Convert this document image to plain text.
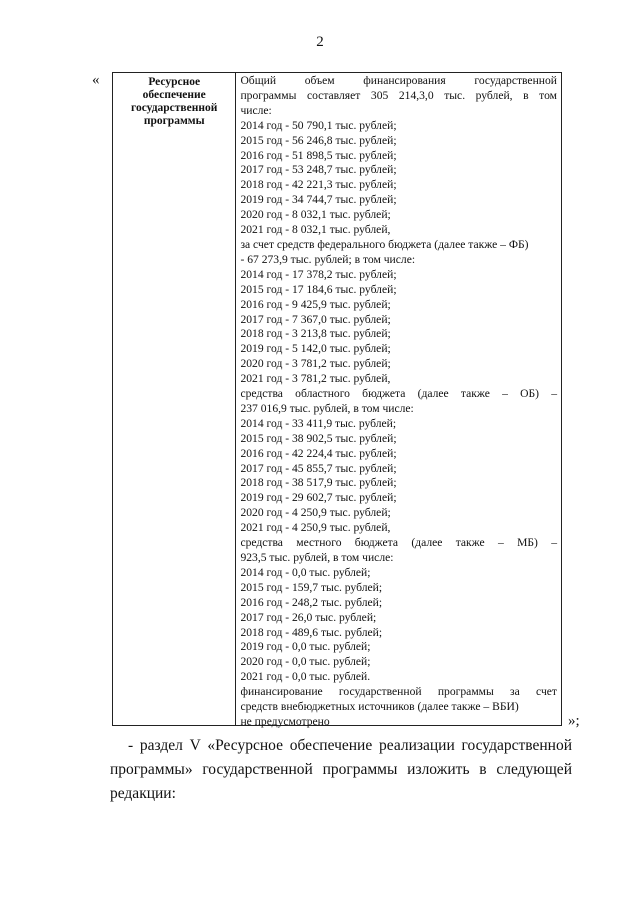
2
«	Ресурсное
обеспечение
государственной
программы
Общий объем финансирования государственной
программы составляет 305 214,3,0 тыс. рублей, в том
числе:
2014 год - 50 790,1 тыс. рублей;
2015 год - 56 246,8 тыс. рублей;
2016 год - 51 898,5 тыс. рублей;
2017 год - 53 248,7 тыс. рублей;
2018 год - 42 221,3 тыс. рублей;
2019 год - 34 744,7 тыс. рублей;
2020 год - 8 032,1 тыс. рублей;
2021 год - 8 032,1 тыс. рублей,
за счет средств федерального бюджета (далее также – ФБ)
- 67 273,9 тыс. рублей; в том числе:
2014 год - 17 378,2 тыс. рублей;
2015 год - 17 184,6 тыс. рублей;
2016 год - 9 425,9 тыс. рублей;
2017 год - 7 367,0 тыс. рублей;
2018 год - 3 213,8 тыс. рублей;
2019 год - 5 142,0 тыс. рублей;
2020 год - 3 781,2 тыс. рублей;
2021 год - 3 781,2 тыс. рублей,
средства областного бюджета (далее также – ОБ) –
237 016,9 тыс. рублей, в том числе:
2014 год - 33 411,9 тыс. рублей;
2015 год - 38 902,5 тыс. рублей;
2016 год - 42 224,4 тыс. рублей;
2017 год - 45 855,7 тыс. рублей;
2018 год - 38 517,9 тыс. рублей;
2019 год - 29 602,7 тыс. рублей;
2020 год - 4 250,9 тыс. рублей;
2021 год - 4 250,9 тыс. рублей,
средства местного бюджета (далее также – МБ) –
923,5 тыс. рублей, в том числе:
2014 год - 0,0 тыс. рублей;
2015 год - 159,7 тыс. рублей;
2016 год - 248,2 тыс. рублей;
2017 год - 26,0 тыс. рублей;
2018 год - 489,6 тыс. рублей;
2019 год - 0,0 тыс. рублей;
2020 год - 0,0 тыс. рублей;
2021 год - 0,0 тыс. рублей.
финансирование государственной программы за счет
средств внебюджетных источников (далее также – ВБИ)
не предусмотрено	»;
- раздел V «Ресурсное обеспечение реализации государственной
программы» государственной программы изложить в следующей
редакции:
